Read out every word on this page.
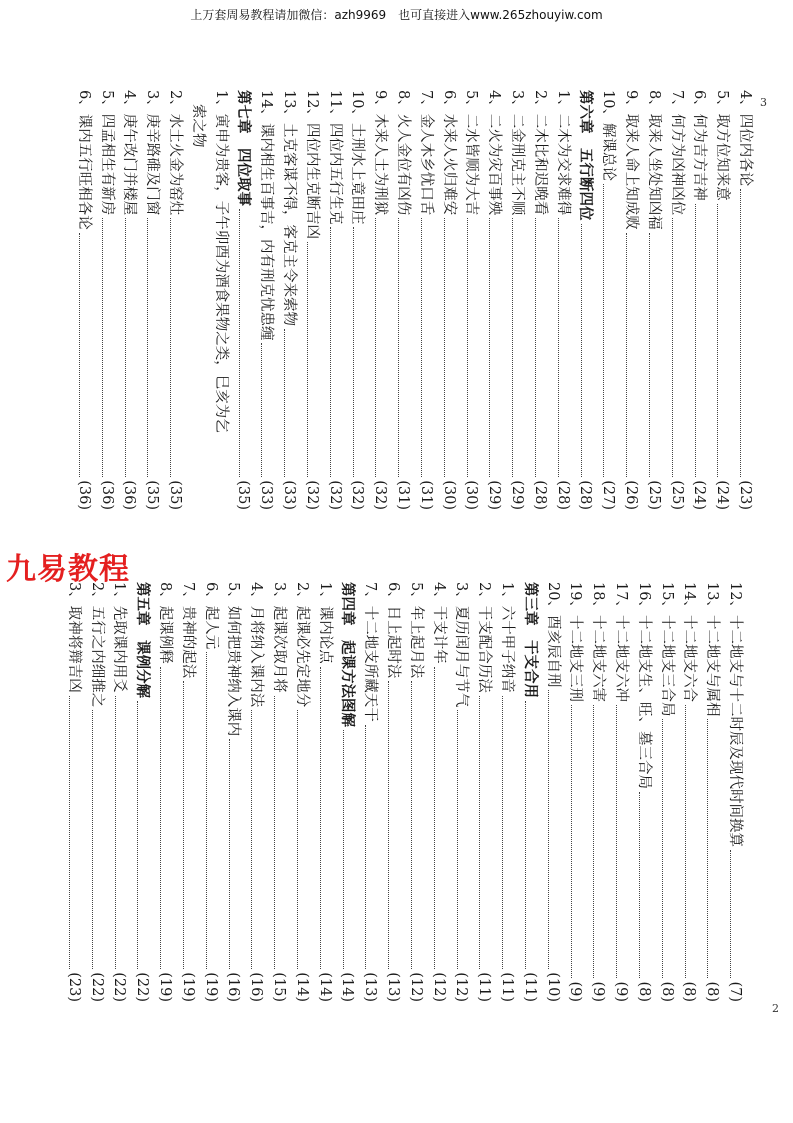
上万套周易教程请加微信：azh9969　也可直接进入www.265zhouyiw.com
2
3
12、十二地支与十二时辰及现代时间换算
(7)
13、十二地支与属相
(8)
14、十二地支六合
(8)
15、十二地支三合局
(8)
16、十二地支生、旺、墓三合局
(8)
17、十二地支六冲
(9)
18、十二地支六害
(9)
19、十二地支三刑
(9)
20、酉亥辰自刑
(10)
第三章　干支合用
(11)
1、六十甲子纳音
(11)
2、干支配合历法
(11)
3、夏历闰月与节气
(12)
4、干支计年
(12)
5、年上起月法
(12)
6、日上起时法
(13)
7、十二地支所藏天干
(13)
第四章　起课方法图解
(14)
1、课内论点
(14)
2、起课必先定地分
(14)
3、起课次取月将
(15)
4、月将纳入课内法
(16)
5、如何把贵神纳入课内
(16)
6、起人元
(19)
7、贵神的起法
(19)
8、起课例释
(19)
第五章　课例分解
(22)
1、先取课内用爻
(22)
2、五行之内细推之
(22)
3、取神将辩吉凶
(23)
4、四位内各论
(23)
5、取方位知来意
(24)
6、何为吉方吉神
(24)
7、何方为凶神凶位
(25)
8、取来人坐处知凶福
(25)
9、取来人命上知成败
(26)
10、解课总论
(27)
第六章　五行断四位
(28)
1、二木为交求难得
(28)
2、二木比和迟晚看
(28)
3、二金刑克主不顺
(29)
4、二火为灾百事殃
(29)
5、二水皆顺为大吉
(30)
6、水来人火归难安
(30)
7、金人木乡忧口舌
(31)
8、火人金位有凶伤
(31)
9、木来人土为刑狱
(32)
10、土刑水上竟田庄
(32)
11、四位内五行生克
(32)
12、四位内生克断吉凶
(32)
13、土克客谋不得，客克主令来索物
(33)
14、课内相生百事吉，内有刑克忧患缠
(33)
第七章　四位取事
(35)
1、寅申为贵客，子午卯酉为酒食果物之类，巳亥为乞
索之物
2、水土火金为窑灶
(35)
3、庚辛路碓及门窗
(35)
4、庚午改门并楼屋
(36)
5、四孟相生有新房
(36)
6、课内五行旺相各论
(36)
九易教程
